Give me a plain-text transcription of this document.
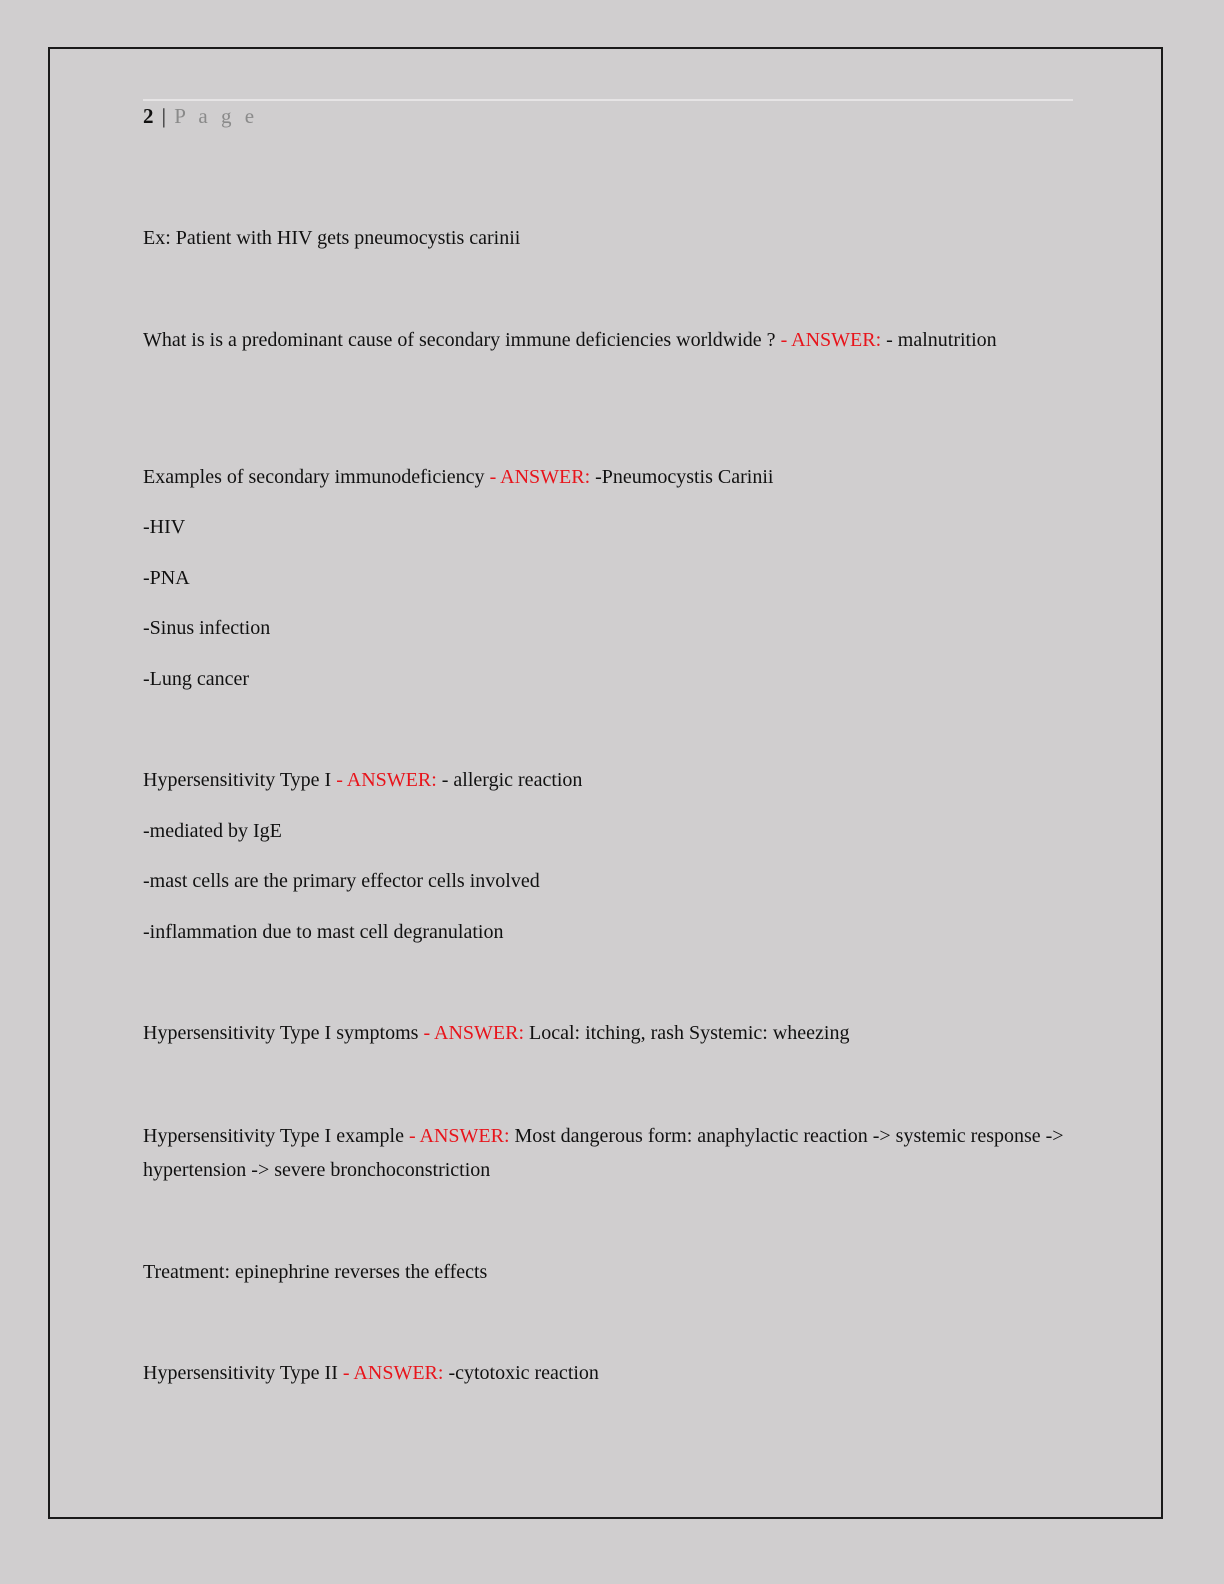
2 | P a g e
Ex: Patient with HIV gets pneumocystis carinii
What is is a predominant cause of secondary immune deficiencies worldwide ? - ANSWER: - malnutrition
Examples of secondary immunodeficiency - ANSWER: -Pneumocystis Carinii
-HIV
-PNA
-Sinus infection
-Lung cancer
Hypersensitivity Type I - ANSWER: - allergic reaction
-mediated by IgE
-mast cells are the primary effector cells involved
-inflammation due to mast cell degranulation
Hypersensitivity Type I symptoms - ANSWER: Local: itching, rash Systemic: wheezing
Hypersensitivity Type I example - ANSWER: Most dangerous form: anaphylactic reaction -> systemic response -> hypertension -> severe bronchoconstriction
Treatment: epinephrine reverses the effects
Hypersensitivity Type II - ANSWER: -cytotoxic reaction
